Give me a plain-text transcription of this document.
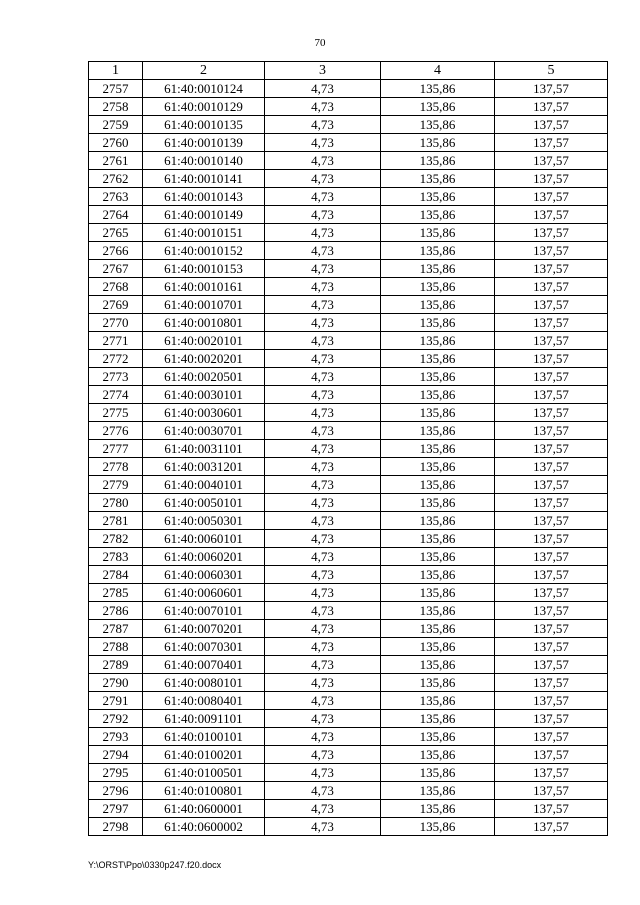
70
1	2	3	4	5
2757	61:40:0010124	4,73	135,86	137,57
2758	61:40:0010129	4,73	135,86	137,57
2759	61:40:0010135	4,73	135,86	137,57
2760	61:40:0010139	4,73	135,86	137,57
2761	61:40:0010140	4,73	135,86	137,57
2762	61:40:0010141	4,73	135,86	137,57
2763	61:40:0010143	4,73	135,86	137,57
2764	61:40:0010149	4,73	135,86	137,57
2765	61:40:0010151	4,73	135,86	137,57
2766	61:40:0010152	4,73	135,86	137,57
2767	61:40:0010153	4,73	135,86	137,57
2768	61:40:0010161	4,73	135,86	137,57
2769	61:40:0010701	4,73	135,86	137,57
2770	61:40:0010801	4,73	135,86	137,57
2771	61:40:0020101	4,73	135,86	137,57
2772	61:40:0020201	4,73	135,86	137,57
2773	61:40:0020501	4,73	135,86	137,57
2774	61:40:0030101	4,73	135,86	137,57
2775	61:40:0030601	4,73	135,86	137,57
2776	61:40:0030701	4,73	135,86	137,57
2777	61:40:0031101	4,73	135,86	137,57
2778	61:40:0031201	4,73	135,86	137,57
2779	61:40:0040101	4,73	135,86	137,57
2780	61:40:0050101	4,73	135,86	137,57
2781	61:40:0050301	4,73	135,86	137,57
2782	61:40:0060101	4,73	135,86	137,57
2783	61:40:0060201	4,73	135,86	137,57
2784	61:40:0060301	4,73	135,86	137,57
2785	61:40:0060601	4,73	135,86	137,57
2786	61:40:0070101	4,73	135,86	137,57
2787	61:40:0070201	4,73	135,86	137,57
2788	61:40:0070301	4,73	135,86	137,57
2789	61:40:0070401	4,73	135,86	137,57
2790	61:40:0080101	4,73	135,86	137,57
2791	61:40:0080401	4,73	135,86	137,57
2792	61:40:0091101	4,73	135,86	137,57
2793	61:40:0100101	4,73	135,86	137,57
2794	61:40:0100201	4,73	135,86	137,57
2795	61:40:0100501	4,73	135,86	137,57
2796	61:40:0100801	4,73	135,86	137,57
2797	61:40:0600001	4,73	135,86	137,57
2798	61:40:0600002	4,73	135,86	137,57
Y:\ORST\Ppo\0330p247.f20.docx
